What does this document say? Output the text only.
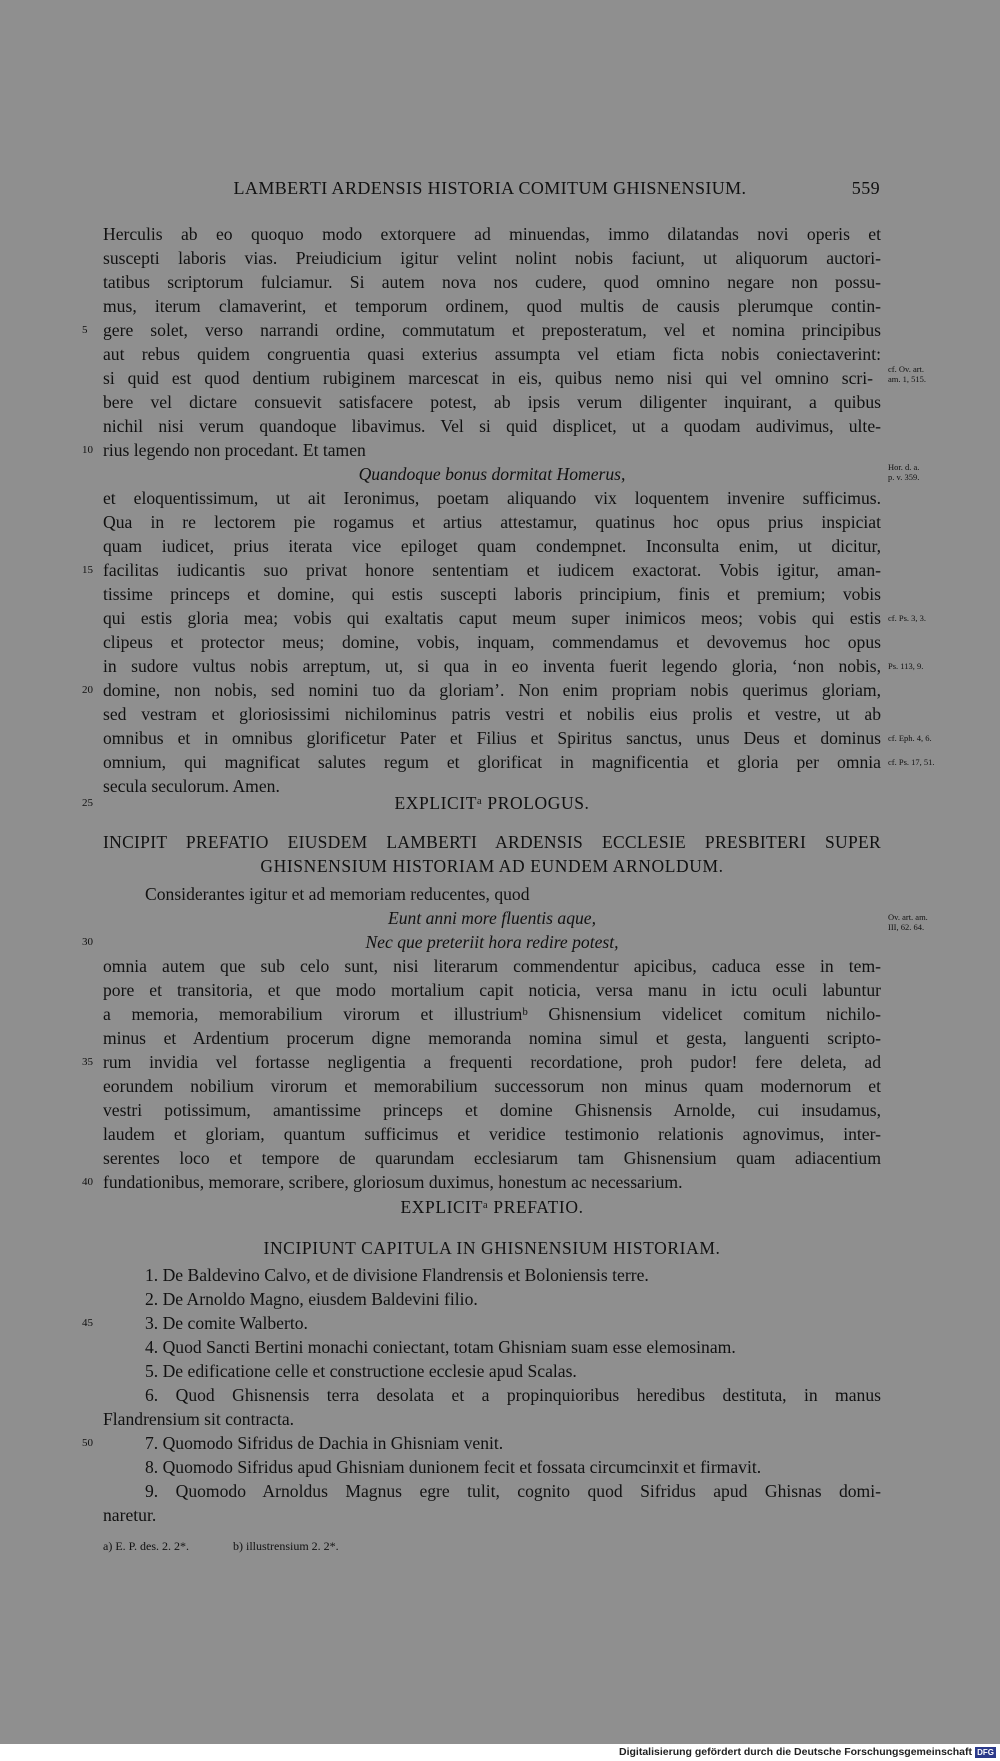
LAMBERTI ARDENSIS HISTORIA COMITUM GHISNENSIUM.	559
Herculis ab eo quoquo modo extorquere ad minuendas, immo dilatandas novi operis et
suscepti laboris vias. Preiudicium igitur velint nolint nobis faciunt, ut aliquorum auctori-
tatibus scriptorum fulciamur. Si autem nova nos cudere, quod omnino negare non possu-
mus, iterum clamaverint, et temporum ordinem, quod multis de causis plerumque contin-
gere solet, verso narrandi ordine, commutatum et preposteratum, vel et nomina principibus
aut rebus quidem congruentia quasi exterius assumpta vel etiam ficta nobis coniectaverint:
si quid est quod dentium rubiginem marcescat in eis, quibus nemo nisi qui vel omnino scri-
bere vel dictare consuevit satisfacere potest, ab ipsis verum diligenter inquirant, a quibus
nichil nisi verum quandoque libavimus. Vel si quid displicet, ut a quodam audivimus, ulte-
rius legendo non procedant. Et tamen
Quandoque bonus dormitat Homerus,
et eloquentissimum, ut ait Ieronimus, poetam aliquando vix loquentem invenire sufficimus.
Qua in re lectorem pie rogamus et artius attestamur, quatinus hoc opus prius inspiciat
quam iudicet, prius iterata vice epiloget quam condempnet. Inconsulta enim, ut dicitur,
facilitas iudicantis suo privat honore sententiam et iudicem exactorat. Vobis igitur, aman-
tissime princeps et domine, qui estis suscepti laboris principium, finis et premium; vobis
qui estis gloria mea; vobis qui exaltatis caput meum super inimicos meos; vobis qui estis
clipeus et protector meus; domine, vobis, inquam, commendamus et devovemus hoc opus
in sudore vultus nobis arreptum, ut, si qua in eo inventa fuerit legendo gloria, ‘non nobis,
domine, non nobis, sed nomini tuo da gloriam’. Non enim propriam nobis querimus gloriam,
sed vestram et gloriosissimi nichilominus patris vestri et nobilis eius prolis et vestre, ut ab
omnibus et in omnibus glorificetur Pater et Filius et Spiritus sanctus, unus Deus et dominus
omnium, qui magnificat salutes regum et glorificat in magnificentia et gloria per omnia
secula seculorum. Amen.
EXPLICITᵃ PROLOGUS.
INCIPIT PREFATIO EIUSDEM LAMBERTI ARDENSIS ECCLESIE PRESBITERI SUPER
GHISNENSIUM HISTORIAM AD EUNDEM ARNOLDUM.
Considerantes igitur et ad memoriam reducentes, quod
Eunt anni more fluentis aque,
Nec que preteriit hora redire potest,
omnia autem que sub celo sunt, nisi literarum commendentur apicibus, caduca esse in tem-
pore et transitoria, et que modo mortalium capit noticia, versa manu in ictu oculi labuntur
a memoria, memorabilium virorum et illustriumᵇ Ghisnensium videlicet comitum nichilo-
minus et Ardentium procerum digne memoranda nomina simul et gesta, languenti scripto-
rum invidia vel fortasse negligentia a frequenti recordatione, proh pudor! fere deleta, ad
eorundem nobilium virorum et memorabilium successorum non minus quam modernorum et
vestri potissimum, amantissime princeps et domine Ghisnensis Arnolde, cui insudamus,
laudem et gloriam, quantum sufficimus et veridice testimonio relationis agnovimus, inter-
serentes loco et tempore de quarundam ecclesiarum tam Ghisnensium quam adiacentium
fundationibus, memorare, scribere, gloriosum duximus, honestum ac necessarium.
EXPLICITᵃ PREFATIO.
INCIPIUNT CAPITULA IN GHISNENSIUM HISTORIAM.
1. De Baldevino Calvo, et de divisione Flandrensis et Boloniensis terre.
2. De Arnoldo Magno, eiusdem Baldevini filio.
3. De comite Walberto.
4. Quod Sancti Bertini monachi coniectant, totam Ghisniam suam esse elemosinam.
5. De edificatione celle et constructione ecclesie apud Scalas.
6. Quod Ghisnensis terra desolata et a propinquioribus heredibus destituta, in manus
Flandrensium sit contracta.
7. Quomodo Sifridus de Dachia in Ghisniam venit.
8. Quomodo Sifridus apud Ghisniam dunionem fecit et fossata circumcinxit et firmavit.
9. Quomodo Arnoldus Magnus egre tulit, cognito quod Sifridus apud Ghisnas domi-
naretur.
5
10
15
20
25
30
35
40
45
50
cf. Ov. art.
am. 1, 515.
Hor. d. a.
p. v. 359.
cf. Ps. 3, 3.
Ps. 113, 9.
cf. Eph. 4, 6.
cf. Ps. 17, 51.
Ov. art. am.
III, 62. 64.
a) E. P. des. 2. 2*.	b) illustrensium 2. 2*.
Digitalisierung gefördert durch die Deutsche Forschungsgemeinschaft DFG
